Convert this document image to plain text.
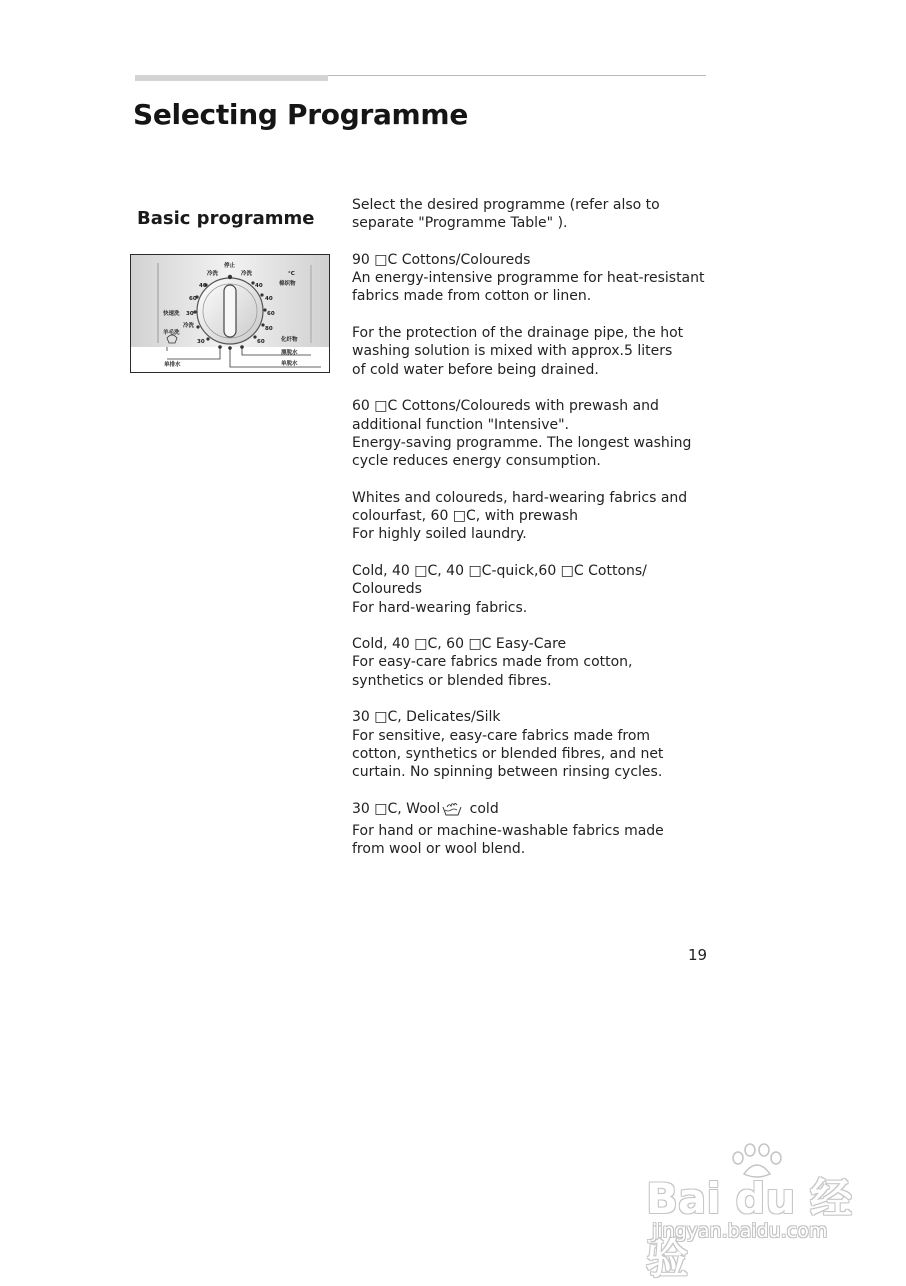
Selecting Programme
Basic programme
停止
冷洗	冷洗	°C
棉织物
化纤物
快速洗
羊毛洗
冷洗
漂脱水
单脱水
单排水
40
60
30
30
40
40
60
80
60

Select the desired programme (refer also to
separate "Programme Table" ).

90 □C Cottons/Coloureds
An energy-intensive programme for heat-resistant
fabrics made from cotton or linen.

For the protection of the drainage pipe, the hot
washing solution is mixed with approx.5 liters
of cold water before being drained.

60 □C Cottons/Coloureds with prewash and
additional function "Intensive".
Energy-saving programme. The longest washing
cycle reduces energy consumption.

Whites and coloureds, hard-wearing fabrics and
colourfast, 60 □C, with prewash
For highly soiled laundry.

Cold, 40 □C, 40 □C-quick,60 □C Cottons/
Coloureds
For hard-wearing fabrics.

Cold, 40 □C, 60 □C Easy-Care
For easy-care fabrics made from cotton,
synthetics or blended fibres.

30 □C, Delicates/Silk
For sensitive, easy-care fabrics made from
cotton, synthetics or blended fibres, and net
curtain. No spinning between rinsing cycles.

30 □C, Wool cold
For hand or machine-washable fabrics made
from wool or wool blend.

19
Bai du 经验
jingyan.baidu.com
